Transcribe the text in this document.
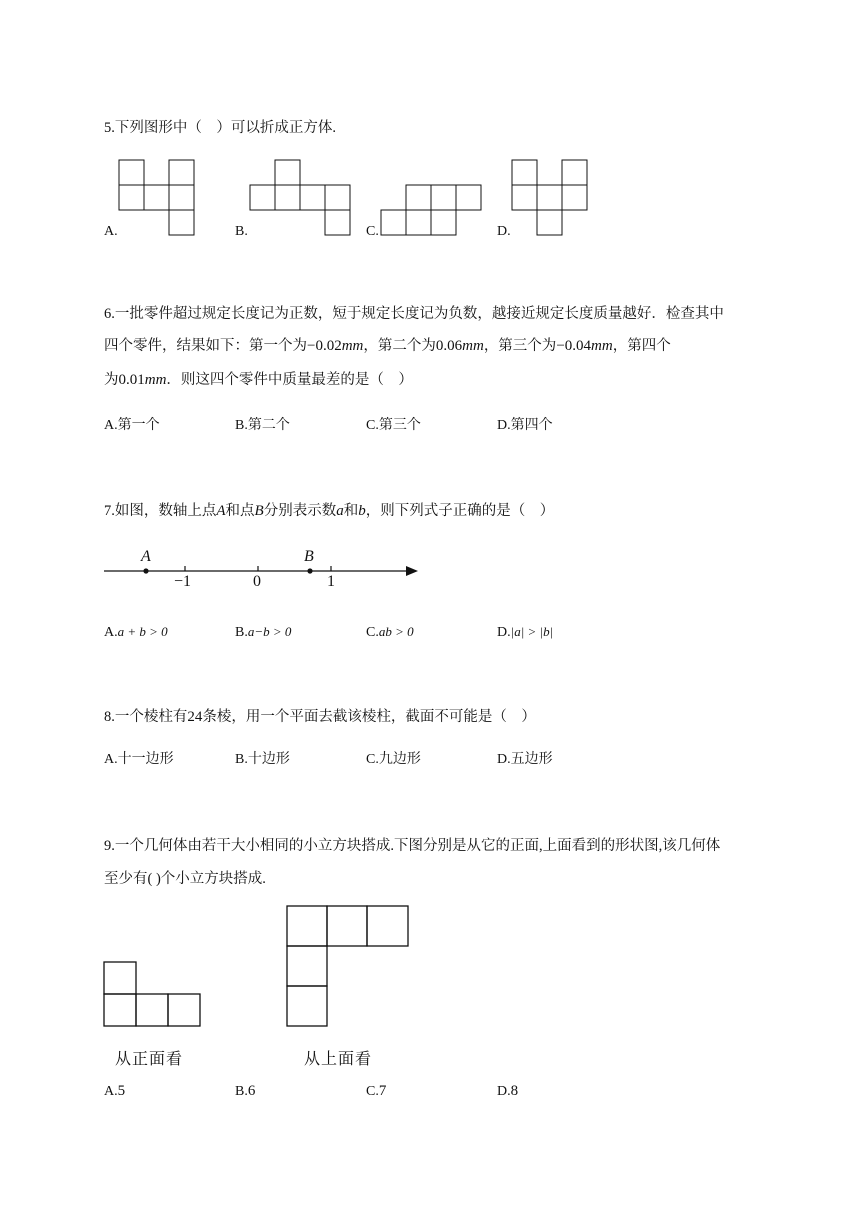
5.下列图形中（　）可以折成正方体.
A.	B.	C.	D.
6.一批零件超过规定长度记为正数，短于规定长度记为负数，越接近规定长度质量越好．检查其中
四个零件，结果如下：第一个为−0.02mm，第二个为0.06mm，第三个为−0.04mm，第四个
为0.01mm．则这四个零件中质量最差的是（　）
A.第一个	B.第二个	C.第三个	D.第四个
7.如图，数轴上点A和点B分别表示数a和b，则下列式子正确的是（　）
A	B
−1	0	1
A.a + b > 0	B.a−b > 0	C.ab > 0	D.|a| > |b|
8.一个棱柱有24条棱，用一个平面去截该棱柱，截面不可能是（　）
A.十一边形	B.十边形	C.九边形	D.五边形
9.一个几何体由若干大小相同的小立方块搭成.下图分别是从它的正面,上面看到的形状图,该几何体
至少有( )个小立方块搭成.
从正面看	从上面看
A.5	B.6	C.7	D.8
